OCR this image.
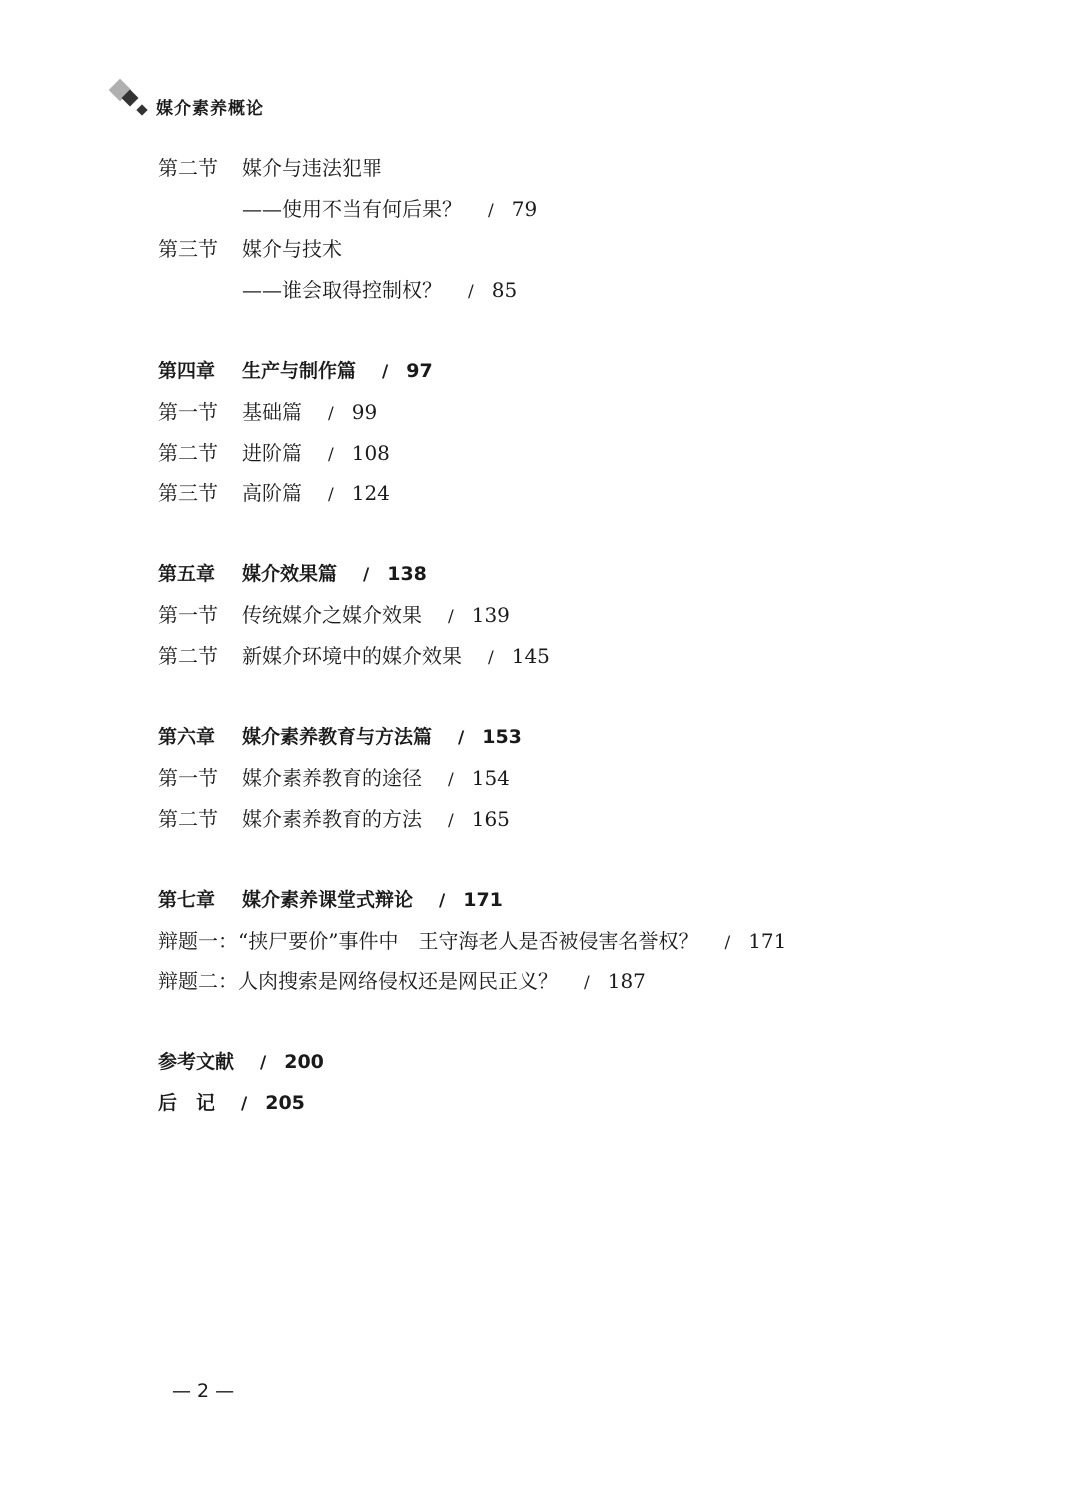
媒介素养概论
第二节 媒介与违法犯罪
——使用不当有何后果？ / 79
第三节 媒介与技术
——谁会取得控制权？ / 85
第四章 生产与制作篇 / 97
第一节 基础篇 / 99
第二节 进阶篇 / 108
第三节 高阶篇 / 124
第五章 媒介效果篇 / 138
第一节 传统媒介之媒介效果 / 139
第二节 新媒介环境中的媒介效果 / 145
第六章 媒介素养教育与方法篇 / 153
第一节 媒介素养教育的途径 / 154
第二节 媒介素养教育的方法 / 165
第七章 媒介素养课堂式辩论 / 171
辩题一：“挟尸要价”事件中　王守海老人是否被侵害名誉权？ / 171
辩题二：人肉搜索是网络侵权还是网民正义？ / 187
参考文献 / 200
后　记 / 205
— 2 —
